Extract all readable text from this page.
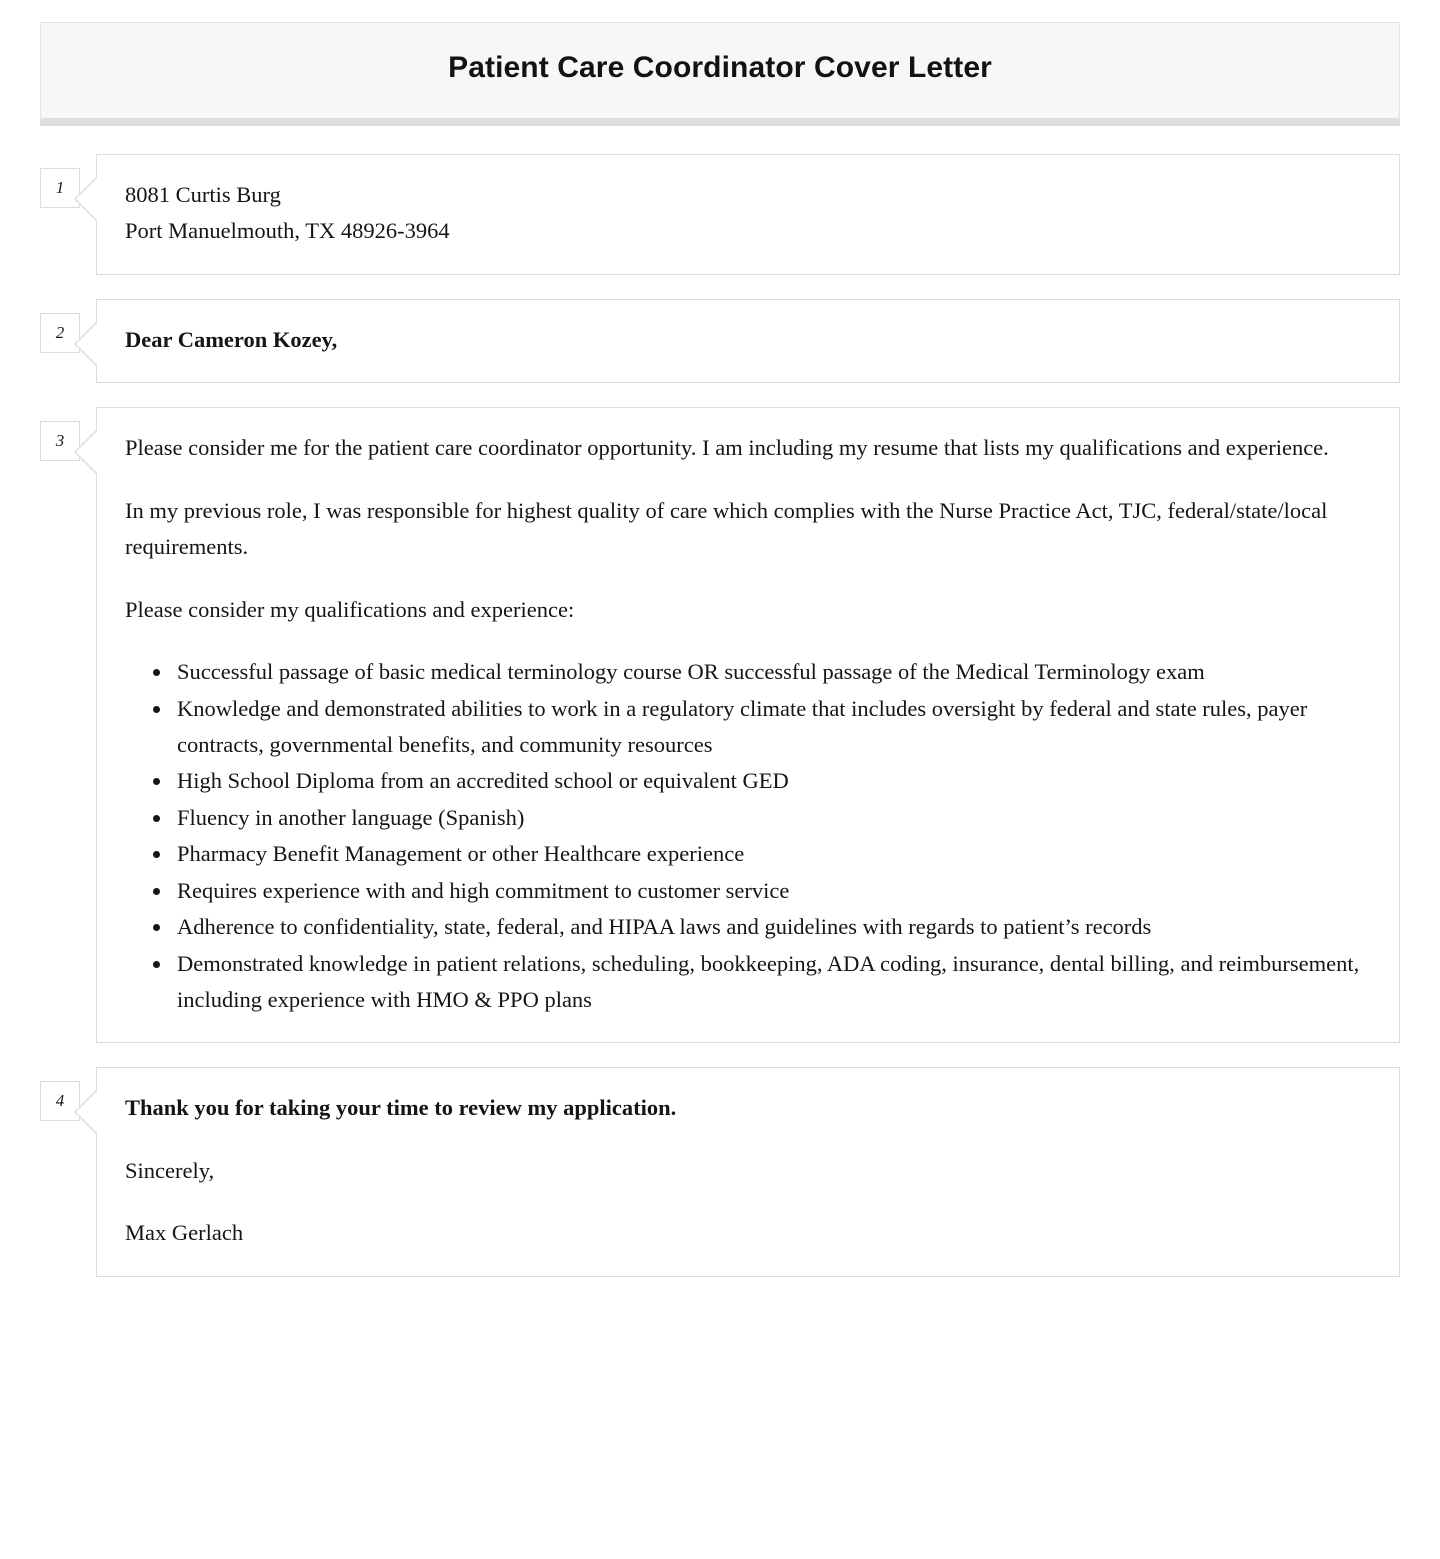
Patient Care Coordinator Cover Letter
1	8081 Curtis Burg
Port Manuelmouth, TX 48926-3964

2	Dear Cameron Kozey,

3	Please consider me for the patient care coordinator opportunity. I am including my resume that lists my qualifications and experience.

In my previous role, I was responsible for highest quality of care which complies with the Nurse Practice Act, TJC, federal/state/local requirements.

Please consider my qualifications and experience:

• Successful passage of basic medical terminology course OR successful passage of the Medical Terminology exam
• Knowledge and demonstrated abilities to work in a regulatory climate that includes oversight by federal and state rules, payer contracts, governmental benefits, and community resources
• High School Diploma from an accredited school or equivalent GED
• Fluency in another language (Spanish)
• Pharmacy Benefit Management or other Healthcare experience
• Requires experience with and high commitment to customer service
• Adherence to confidentiality, state, federal, and HIPAA laws and guidelines with regards to patient’s records
• Demonstrated knowledge in patient relations, scheduling, bookkeeping, ADA coding, insurance, dental billing, and reimbursement, including experience with HMO & PPO plans
4	Thank you for taking your time to review my application.

Sincerely,

Max Gerlach
